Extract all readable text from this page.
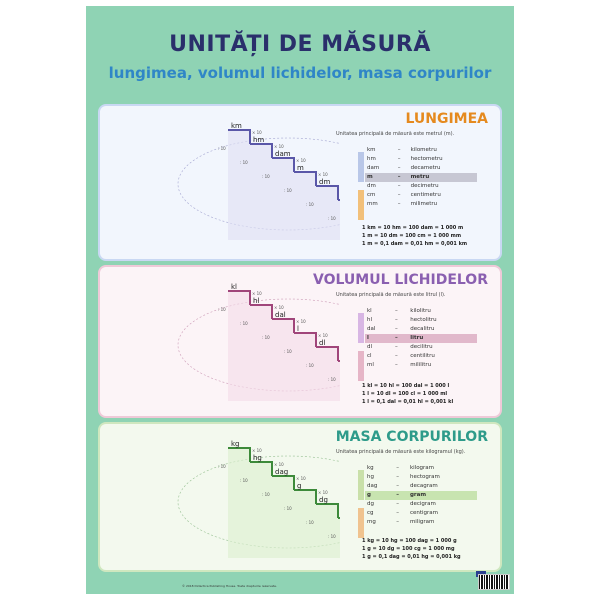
UNITĂȚI DE MĂSURĂ
lungimea, volumul lichidelor, masa corpurilor
LUNGIMEA
Unitatea principală de măsură este metrul (m).
km
× 10
: 10
hm
× 10
: 10
dam
× 10
: 10
m
× 10
: 10
dm
: 10
: 10
km	–	kilometru
hm	–	hectometru
dam	–	decametru
m	–	metru
dm	–	decimetru
cm	–	centimetru
mm	–	milimetru
1 km = 10 hm = 100 dam = 1 000 m
1 m = 10 dm = 100 cm = 1 000 mm
1 m = 0,1 dam = 0,01 hm = 0,001 km
VOLUMUL LICHIDELOR
Unitatea principală de măsură este litrul (l).
kl
× 10
: 10
hl
× 10
: 10
dal
× 10
: 10
l
× 10
: 10
dl
: 10
: 10
kl	–	kilolitru
hl	–	hectolitru
dal	–	decalitru
l	–	litru
dl	–	decilitru
cl	–	centilitru
ml	–	mililitru
1 kl = 10 hl = 100 dal = 1 000 l
1 l = 10 dl = 100 cl = 1 000 ml
1 l = 0,1 dal = 0,01 hl = 0,001 kl
MASA CORPURILOR
Unitatea principală de măsură este kilogramul (kg).
kg
× 10
: 10
hg
× 10
: 10
dag
× 10
: 10
g
× 10
: 10
dg
: 10
: 10
kg	–	kilogram
hg	–	hectogram
dag	–	decagram
g	–	gram
dg	–	decigram
cg	–	centigram
mg	–	miligram
1 kg = 10 hg = 100 dag = 1 000 g
1 g = 10 dg = 100 cg = 1 000 mg
1 g = 0,1 dag = 0,01 hg = 0,001 kg
© 2018 Didactica Publishing House. Toate drepturile rezervate.
